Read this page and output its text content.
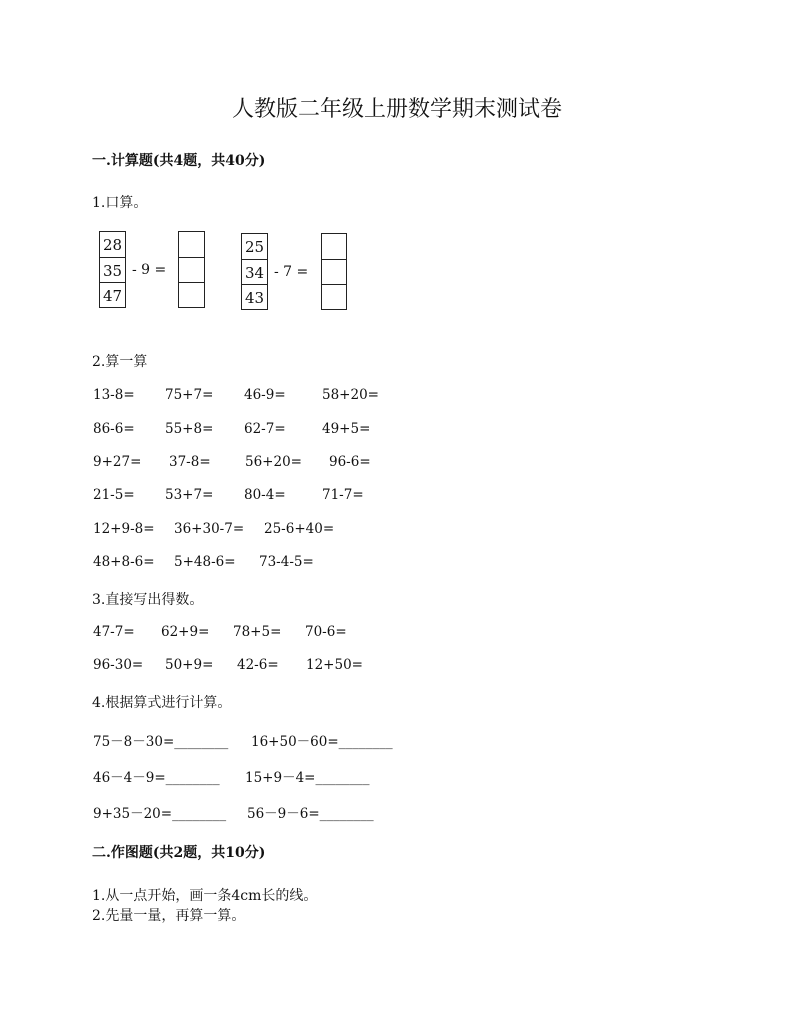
人教版二年级上册数学期末测试卷
一.计算题(共4题，共40分)
1.口算。
28
35
47
- 9 =
25
34
43
- 7 =
2.算一算
13-8= 75+7= 46-9=	58+20=
86-6= 55+8= 62-7=	49+5=
9+27= 37-8=	56+20= 96-6=
21-5= 53+7= 80-4=	71-7=
12+9-8= 36+30-7= 25-6+40=
48+8-6= 5+48-6= 73-4-5=
3.直接写出得数。
47-7= 62+9= 78+5= 70-6=
96-30= 50+9= 42-6= 12+50=
4.根据算式进行计算。
75－8－30=________ 16+50－60=________
46－4－9=________ 15+9－4=________
9+35－20=________ 56－9－6=________
二.作图题(共2题，共10分)
1.从一点开始，画一条4cm长的线。
2.先量一量，再算一算。
